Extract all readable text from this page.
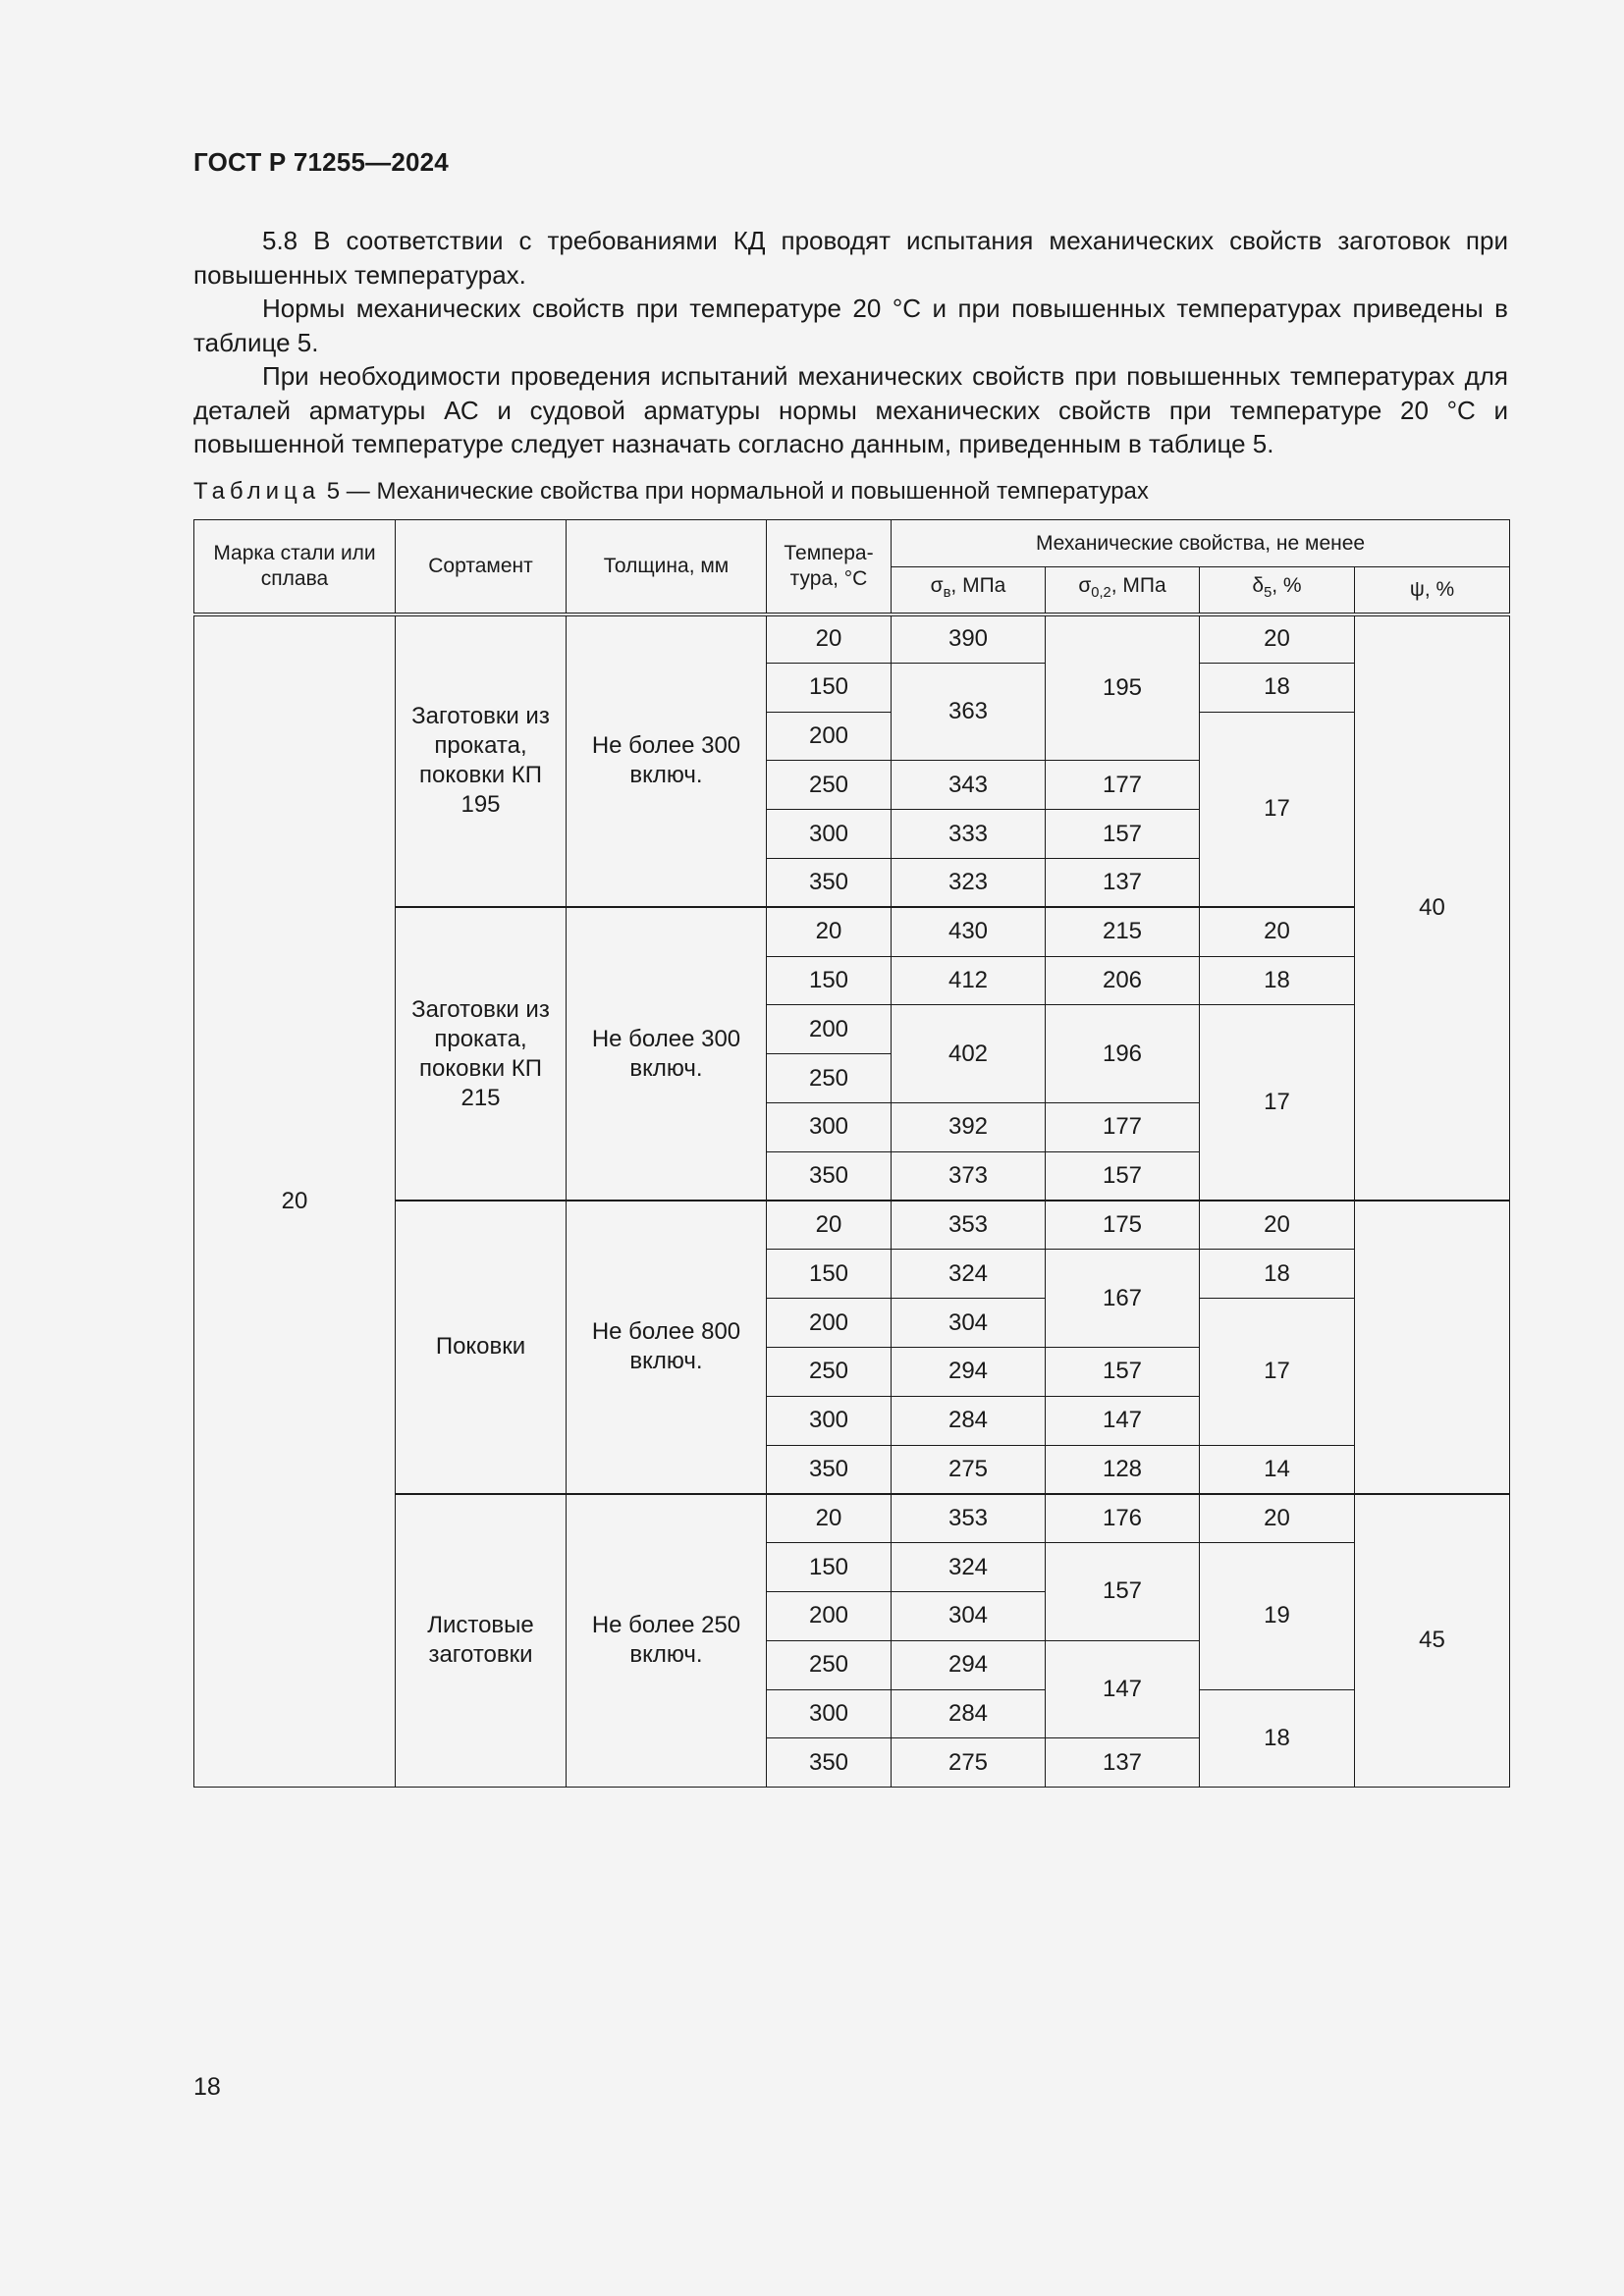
ГОСТ Р 71255—2024

5.8 В соответствии с требованиями КД проводят испытания механических свойств заготовок при повышенных температурах.

Нормы механических свойств при температуре 20 °С и при повышенных температурах приведены в таблице 5.

При необходимости проведения испытаний механических свойств при повышенных температурах для деталей арматуры АС и судовой арматуры нормы механических свойств при температуре 20 °С и повышенной температуре следует назначать согласно данным, приведенным в таблице 5.

Таблица 5 — Механические свойства при нормальной и повышенной температурах
Марка стали или сплава	Сортамент	Толщина, мм	Темпера-тура, °С	Механические свойства, не менее			
				$\sigma_в$, МПа	$\sigma_{0,2}$, МПа	$\delta_5$, %	ψ, %
20	Заготовки из проката, поковки КП 195	Не более 300 включ.	20	390	195	20	40
			150	363		18	
			200			17	
			250	343	177		
			300	333	157		
			350	323	137		
	Заготовки из проката, поковки КП 215	Не более 300 включ.	20	430	215	20	
			150	412	206	18	
			200	402	196	17	
			250				
			300	392	177		
			350	373	157		
	Поковки	Не более 800 включ.	20	353	175	20	
			150	324	167	18	
			200	304		17	
			250	294	157		
			300	284	147		
			350	275	128	14	
	Листовые заготовки	Не более 250 включ.	20	353	176	20	45
			150	324	157	19	
			200	304			
			250	294	147		
			300	284		18	
			350	275	137		
18
